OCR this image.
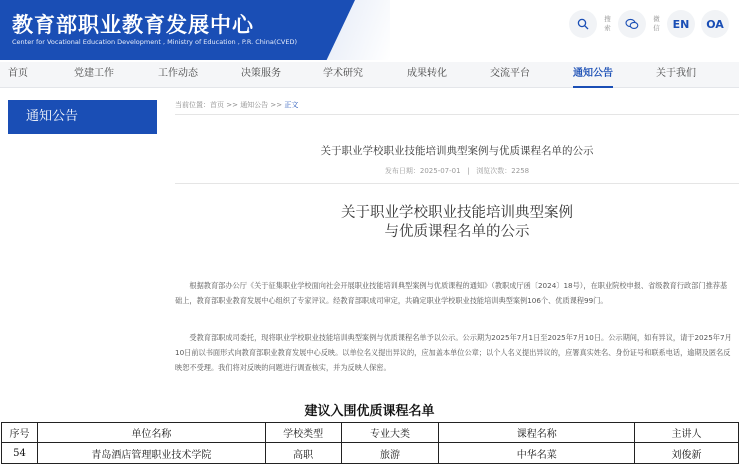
教育部职业教育发展中心
Center for Vocational Education Development , Ministry of Education , P.R. China(CVED)
搜索
微信	EN	OA
首页	党建工作	工作动态	决策服务	学术研究	成果转化	交流平台	通知公告	关于我们
通知公告
当前位置：首页 >> 通知公告 >> 正文
关于职业学校职业技能培训典型案例与优质课程名单的公示
发布日期：2025-07-01   |   浏览次数：2258
关于职业学校职业技能培训典型案例
与优质课程名单的公示
根据教育部办公厅《关于征集职业学校面向社会开展职业技能培训典型案例与优质课程的通知》（教职成厅函〔2024〕18号），在职业院校申报、省级教育行政部门推荐基础上，教育部职业教育发展中心组织了专家评议。经教育部职成司审定，共确定职业学校职业技能培训典型案例106个、优质课程99门。
受教育部职成司委托，现将职业学校职业技能培训典型案例与优质课程名单予以公示。公示期为2025年7月1日至2025年7月10日。公示期间，如有异议，请于2025年7月10日前以书面形式向教育部职业教育发展中心反映。以单位名义提出异议的，应加盖本单位公章；以个人名义提出异议的，应署真实姓名、身份证号和联系电话，逾期及匿名反映恕不受理。我们将对反映的问题进行调查核实，并为反映人保密。
建议入围优质课程名单
序号	单位名称	学校类型	专业大类	课程名称	主讲人
54	青岛酒店管理职业技术学院	高职	旅游	中华名菜	刘俊新
